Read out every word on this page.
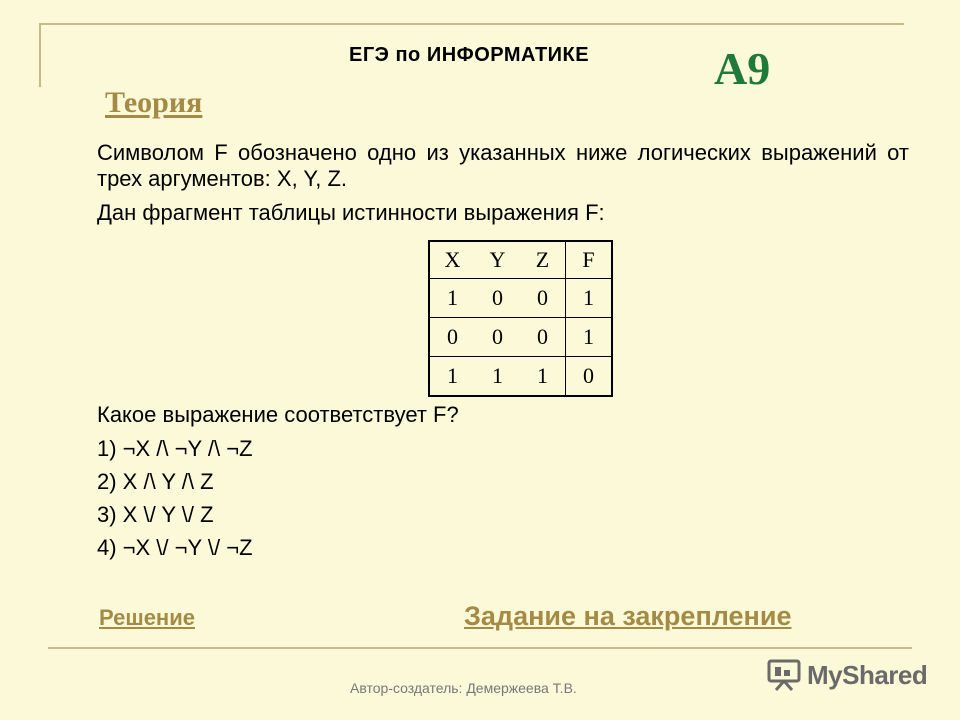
ЕГЭ по ИНФОРМАТИКЕ	А9
Теория
Символом F обозначено одно из указанных ниже логических выражений от трех аргументов: X, Y, Z.
Дан фрагмент таблицы истинности выражения F:
X	Y	Z	F
1	0	0	1
0	0	0	1
1	1	1	0
Какое выражение соответствует F?
1) ¬X /\ ¬Y /\ ¬Z
2) X /\ Y /\ Z
3) X \/ Y \/ Z
4) ¬X \/ ¬Y \/ ¬Z
Решение	Задание на закрепление
Автор-создатель: Демержеева Т.В.	MyShared
